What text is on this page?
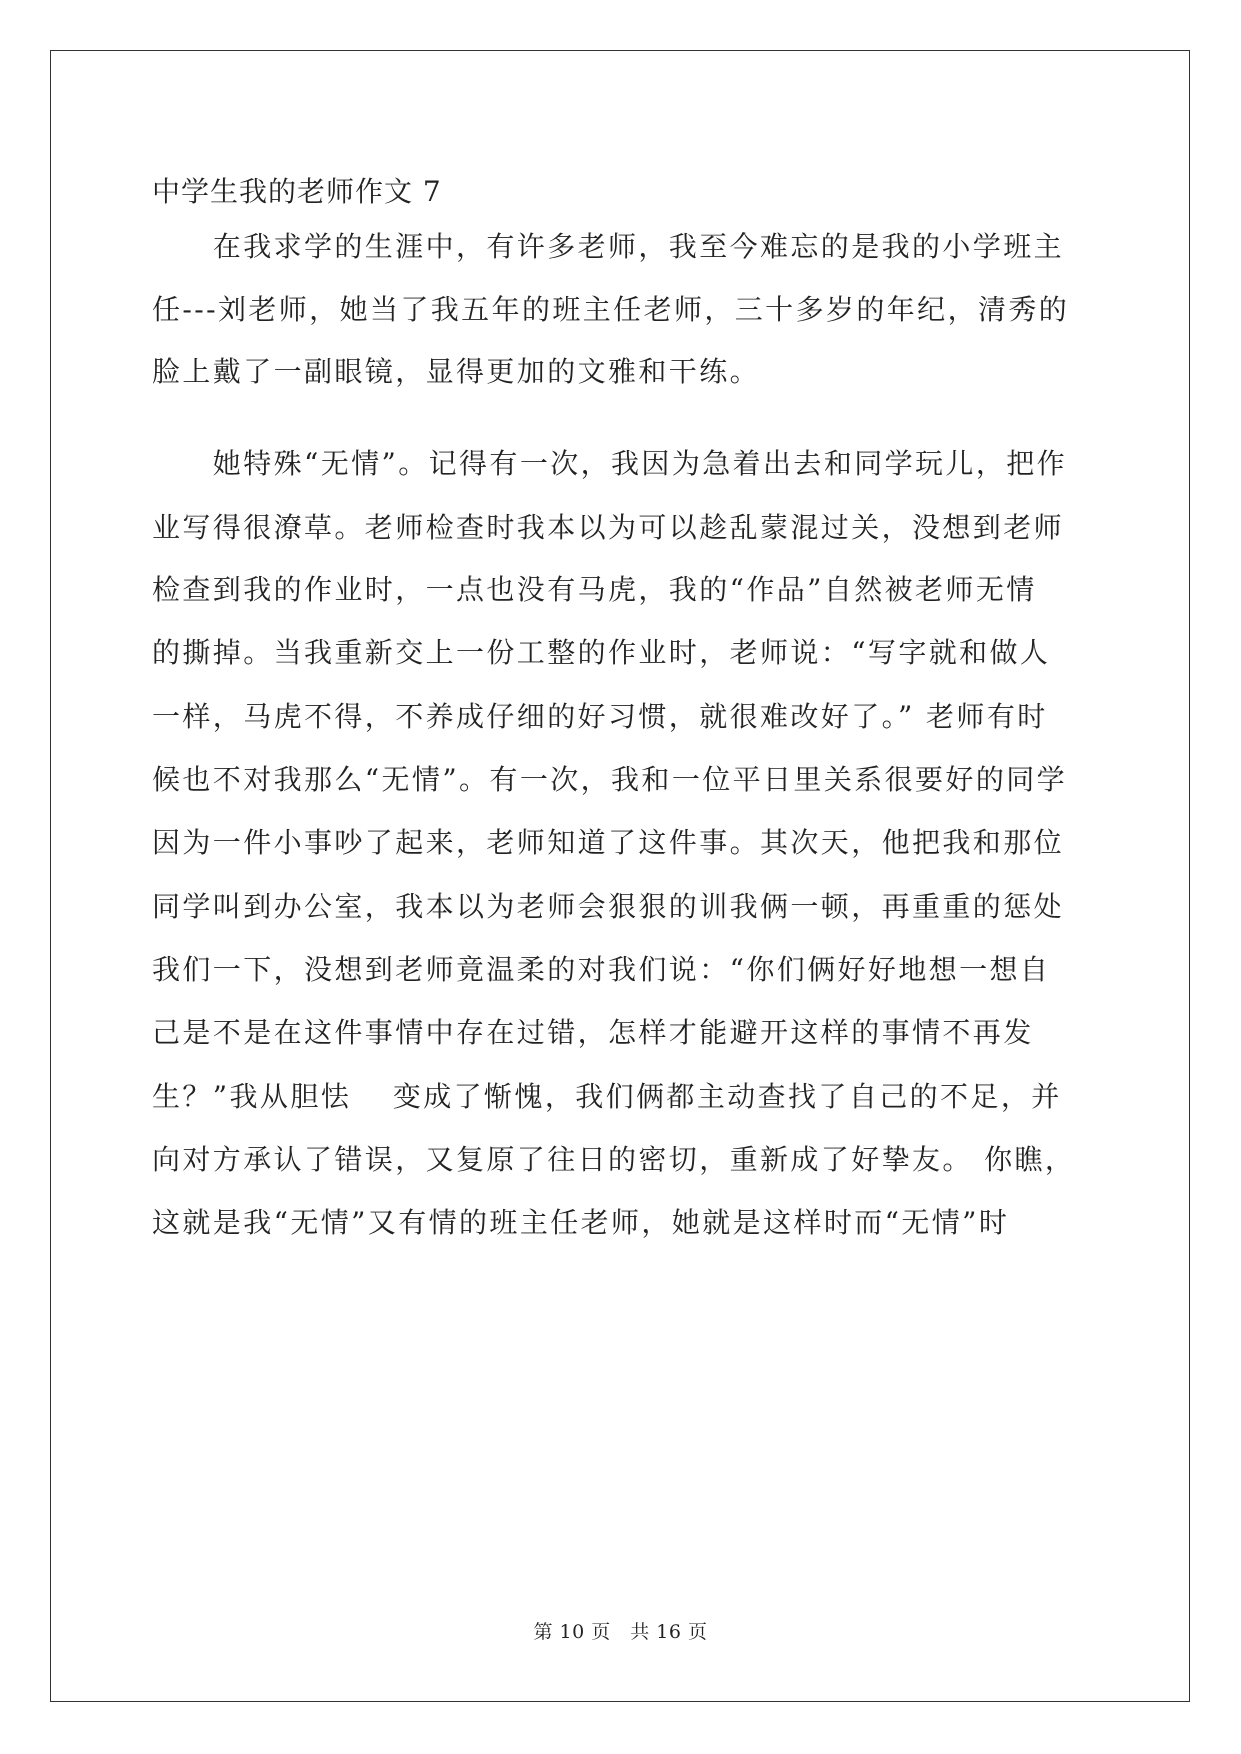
中学生我的老师作文 7
　　在我求学的生涯中，有许多老师，我至今难忘的是我的小学班主
任---刘老师，她当了我五年的班主任老师，三十多岁的年纪，清秀的
脸上戴了一副眼镜，显得更加的文雅和干练。
　　她特殊“无情”。记得有一次，我因为急着出去和同学玩儿，把作
业写得很潦草。老师检查时我本以为可以趁乱蒙混过关，没想到老师
检查到我的作业时，一点也没有马虎，我的“作品”自然被老师无情
的撕掉。当我重新交上一份工整的作业时，老师说：“写字就和做人
一样，马虎不得，不养成仔细的好习惯，就很难改好了。” 老师有时
候也不对我那么“无情”。有一次，我和一位平日里关系很要好的同学
因为一件小事吵了起来，老师知道了这件事。其次天，他把我和那位
同学叫到办公室，我本以为老师会狠狠的训我俩一顿，再重重的惩处
我们一下，没想到老师竟温柔的对我们说：“你们俩好好地想一想自
己是不是在这件事情中存在过错，怎样才能避开这样的事情不再发
生？”我从胆怯　 变成了惭愧，我们俩都主动查找了自己的不足，并
向对方承认了错误，又复原了往日的密切，重新成了好挚友。 你瞧，
这就是我“无情”又有情的班主任老师，她就是这样时而“无情”时
第 10 页　共 16 页
